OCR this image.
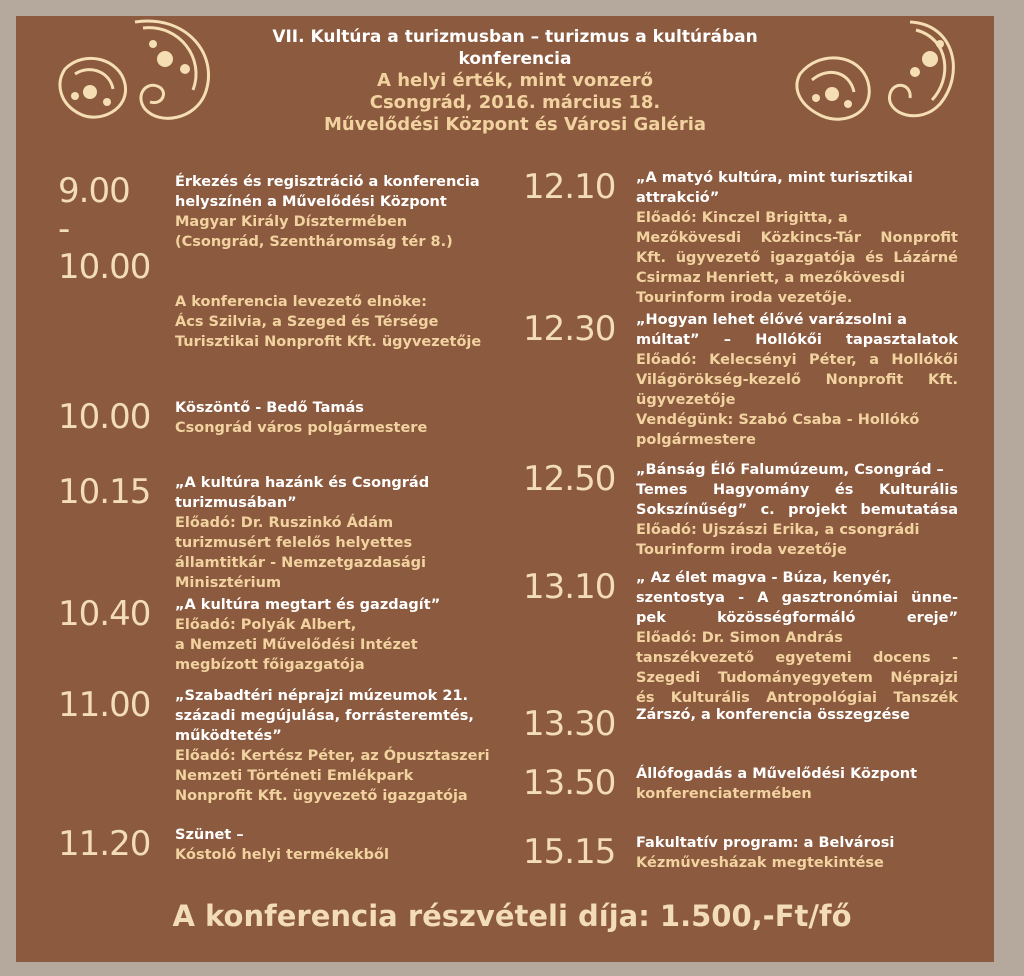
VII. Kultúra a turizmusban – turizmus a kultúrában
konferencia
A helyi érték, mint vonzerő
Csongrád, 2016. március 18.
Művelődési Központ és Városi Galéria
9.00 -
10.00
Érkezés és regisztráció a konferencia
helyszínén a Művelődési Központ
Magyar Király Dísztermében
(Csongrád, Szentháromság tér 8.)
A konferencia levezető elnöke:
Ács Szilvia, a Szeged és Térsége
Turisztikai Nonprofit Kft. ügyvezetője
10.00 Köszöntő - Bedő Tamás
Csongrád város polgármestere
10.15 „A kultúra hazánk és Csongrád
turizmusában”
Előadó: Dr. Ruszinkó Ádám
turizmusért felelős helyettes
államtitkár - Nemzetgazdasági
Minisztérium
10.40 „A kultúra megtart és gazdagít”
Előadó: Polyák Albert,
a Nemzeti Művelődési Intézet
megbízott főigazgatója
11.00 „Szabadtéri néprajzi múzeumok 21.
századi megújulása, forrásteremtés,
működtetés”
Előadó: Kertész Péter, az Ópusztaszeri
Nemzeti Történeti Emlékpark
Nonprofit Kft. ügyvezető igazgatója
11.20 Szünet –
Kóstoló helyi termékekből
12.10 „A matyó kultúra, mint turisztikai
attrakció”
Előadó: Kinczel Brigitta, a
Mezőkövesdi Közkincs-Tár Nonprofit
Kft. ügyvezető igazgatója és Lázárné
Csirmaz Henriett, a mezőkövesdi
Tourinform iroda vezetője.
12.30 „Hogyan lehet élővé varázsolni a
múltat” – Hollókői tapasztalatok
Előadó: Kelecsényi Péter, a Hollókői
Világörökség-kezelő Nonprofit Kft.
ügyvezetője
Vendégünk: Szabó Csaba - Hollókő
polgármestere
12.50 „Bánság Élő Falumúzeum, Csongrád –
Temes Hagyomány és Kulturális
Sokszínűség” c. projekt bemutatása
Előadó: Ujszászi Erika, a csongrádi
Tourinform iroda vezetője
13.10 „ Az élet magva - Búza, kenyér,
szentostya - A gasztronómiai ünne-
pek közösségformáló ereje”
Előadó: Dr. Simon András
tanszékvezető egyetemi docens -
Szegedi Tudományegyetem Néprajzi
és Kulturális Antropológiai Tanszék
13.30 Zárszó, a konferencia összegzése
13.50 Állófogadás a Művelődési Központ
konferenciatermében
15.15 Fakultatív program: a Belvárosi
Kézművesházak megtekintése
A konferencia részvételi díja: 1.500,-Ft/fő
